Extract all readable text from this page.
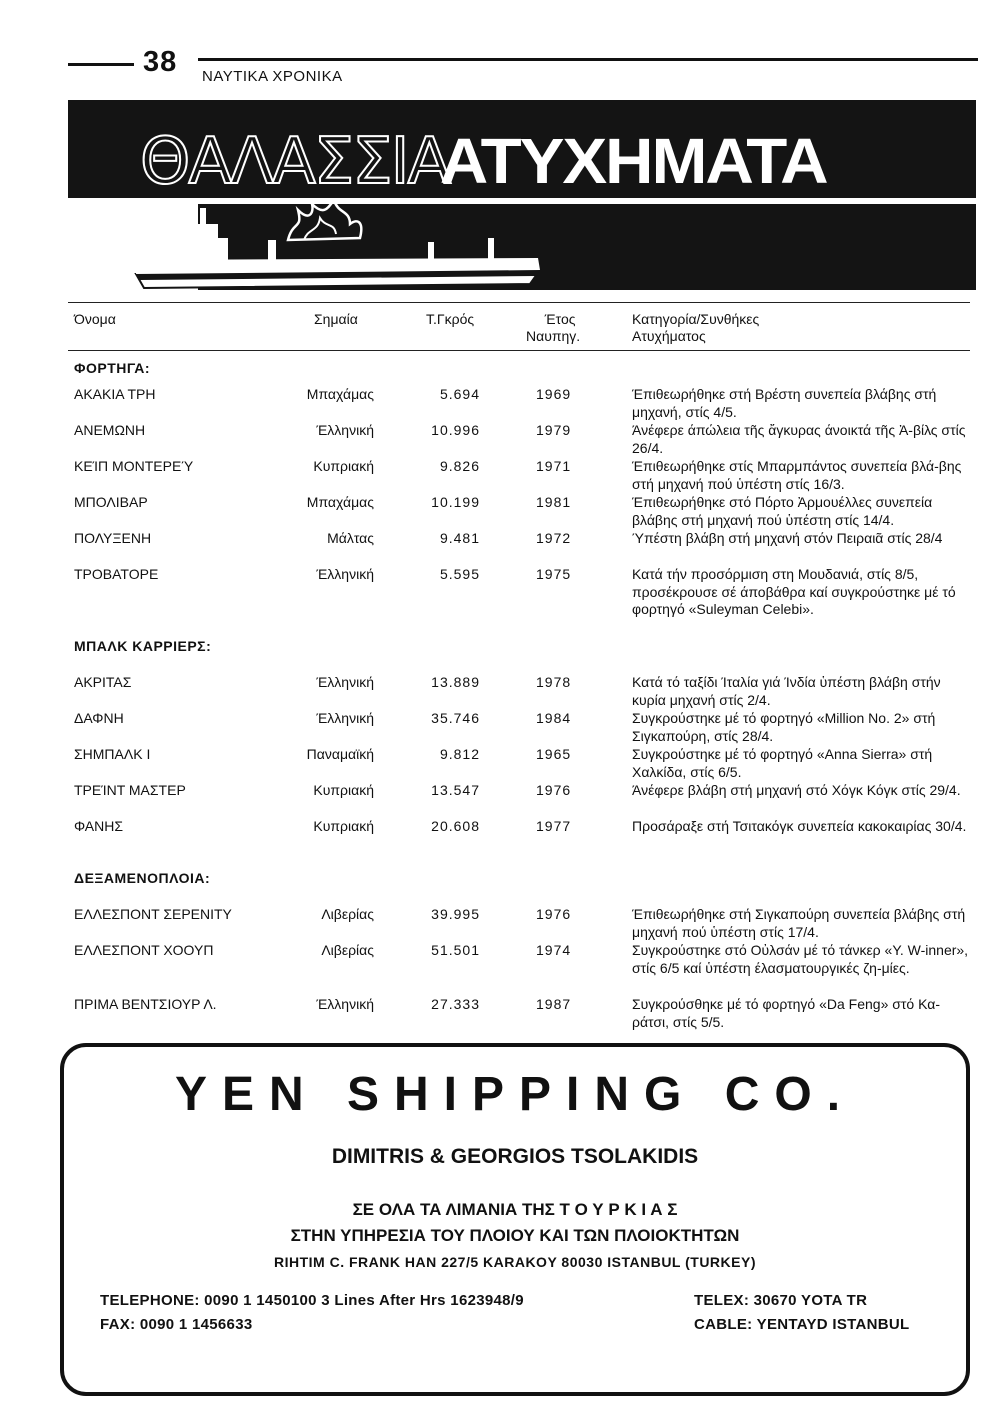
38 ΝΑΥΤΙΚΑ ΧΡΟΝΙΚΑ
ΘΑΛΑΣΣΙΑΑΤΥΧΗΜΑΤΑ
Όνομα	Σημαία	Τ.Γκρός	Έτος
Ναυπηγ.
Κατηγορία/Συνθήκες
Ατυχήματος
ΦΟΡΤΗΓΑ:
ΑΚΑΚΙΑ ΤΡΗ	Μπαχάμας	5.694	1969	Έπιθεωρήθηκε στή Βρέστη συνεπεία βλάβης στή μηχανή, στίς 4/5.
ΑΝΕΜΩΝΗ	Έλληνική	10.996	1979	Άνέφερε άπώλεια τῆς ἄγκυρας άνοικτά τῆς Ἀ-βίλς στίς 26/4.
ΚΕΊΠ ΜΟΝΤΕΡΕΎ	Κυπριακή	9.826	1971	Έπιθεωρήθηκε στίς Μπαρμπάντος συνεπεία βλά-βης στή μηχανή πού ὑπέστη στίς 16/3.
ΜΠΟΛΙΒΑΡ	Μπαχάμας	10.199	1981	Έπιθεωρήθηκε στό Πόρτο Ἀρμουέλλες συνεπεία βλάβης στή μηχανή πού ὑπέστη στίς 14/4.
ΠΟΛΥΞΕΝΗ	Μάλτας	9.481	1972	Ύπέστη βλάβη στή μηχανή στόν Πειραιᾶ στίς 28/4
ΤΡΟΒΑΤΟΡΕ	Έλληνική	5.595	1975	Κατά τήν προσόρμιση στη Μουδανιά, στίς 8/5, προσέκρουσε σέ άποβάθρα καί συγκρούστηκε μέ τό φορτηγό «Suleyman Celebi».
ΜΠΑΛΚ ΚΑΡΡΙΕΡΣ:
ΑΚΡΙΤΑΣ	Έλληνική	13.889	1978	Κατά τό ταξίδι Ίταλία γιά Ίνδία ὑπέστη βλάβη στήν κυρία μηχανή στίς 2/4.
ΔΑΦΝΗ	Έλληνική	35.746	1984	Συγκρούστηκε μέ τό φορτηγό «Million No. 2» στή Σιγκαπούρη, στίς 28/4.
ΣΗΜΠΑΛΚ Ι	Παναμαϊκή	9.812	1965	Συγκρούστηκε μέ τό φορτηγό «Anna Sierra» στή Χαλκίδα, στίς 6/5.
ΤΡΕΊΝΤ ΜΑΣΤΕΡ	Κυπριακή	13.547	1976	Άνέφερε βλάβη στή μηχανή στό Χόγκ Κόγκ στίς 29/4.
ΦΑΝΗΣ	Κυπριακή	20.608	1977	Προσάραξε στή Τσιτακόγκ συνεπεία κακοκαιρίας 30/4.
ΔΕΞΑΜΕΝΟΠΛΟΙΑ:
ΕΛΛΕΣΠΟΝΤ ΣΕΡΕΝΙΤΥ	Λιβερίας	39.995	1976	Έπιθεωρήθηκε στή Σιγκαπούρη συνεπεία βλάβης στή μηχανή πού ὑπέστη στίς 17/4.
ΕΛΛΕΣΠΟΝΤ ΧΟΟΥΠ	Λιβερίας	51.501	1974	Συγκρούστηκε στό Οὐλσάν μέ τό τάνκερ «Y. W-inner», στίς 6/5 καί ὑπέστη έλασματουργικές ζη-μίες.
ΠΡΙΜΑ ΒΕΝΤΣΙΟΥΡ Λ.	Έλληνική	27.333	1987	Συγκρούσθηκε μέ τό φορτηγό «Da Feng» στό Κα-ράτσι, στίς 5/5.
YEN SHIPPING CO.
DIMITRIS & GEORGIOS TSOLAKIDIS
ΣΕ ΟΛΑ ΤΑ ΛΙΜΑΝΙΑ ΤΗΣ Τ Ο Υ Ρ Κ Ι Α Σ
ΣΤΗΝ ΥΠΗΡΕΣΙΑ ΤΟΥ ΠΛΟΙΟΥ ΚΑΙ ΤΩΝ ΠΛΟΙΟΚΤΗΤΩΝ
RIHTIM C. FRANK HAN 227/5 KARAKOY 80030 ISTANBUL (TURKEY)
TELEPHONE: 0090 1 1450100 3 Lines After Hrs 1623948/9
FAX: 0090 1 1456633
TELEX: 30670 YOTA TR
CABLE: YENTAYD ISTANBUL
